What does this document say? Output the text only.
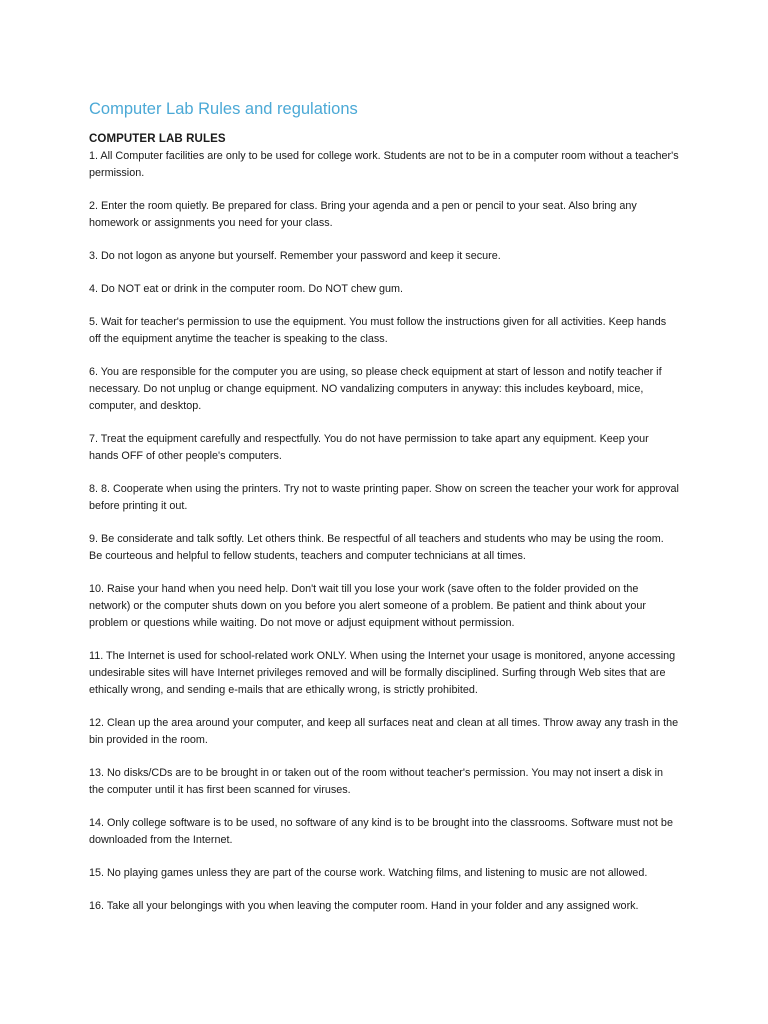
Computer Lab Rules and regulations

COMPUTER LAB RULES

1. All Computer facilities are only to be used for college work. Students are not to be in a computer room without a teacher's permission.

2. Enter the room quietly. Be prepared for class. Bring your agenda and a pen or pencil to your seat. Also bring any homework or assignments you need for your class.

3. Do not logon as anyone but yourself. Remember your password and keep it secure.

4. Do NOT eat or drink in the computer room. Do NOT chew gum.

5. Wait for teacher's permission to use the equipment. You must follow the instructions given for all activities. Keep hands off the equipment anytime the teacher is speaking to the class.

6. You are responsible for the computer you are using, so please check equipment at start of lesson and notify teacher if necessary. Do not unplug or change equipment. NO vandalizing computers in anyway: this includes keyboard, mice, computer, and desktop.

7. Treat the equipment carefully and respectfully. You do not have permission to take apart any equipment. Keep your hands OFF of other people's computers.

8. 8. Cooperate when using the printers. Try not to waste printing paper. Show on screen the teacher your work for approval before printing it out.

9. Be considerate and talk softly. Let others think. Be respectful of all teachers and students who may be using the room. Be courteous and helpful to fellow students, teachers and computer technicians at all times.

10. Raise your hand when you need help. Don't wait till you lose your work (save often to the folder provided on the network) or the computer shuts down on you before you alert someone of a problem. Be patient and think about your problem or questions while waiting. Do not move or adjust equipment without permission.

11. The Internet is used for school-related work ONLY. When using the Internet your usage is monitored, anyone accessing undesirable sites will have Internet privileges removed and will be formally disciplined. Surfing through Web sites that are ethically wrong, and sending e-mails that are ethically wrong, is strictly prohibited.

12. Clean up the area around your computer, and keep all surfaces neat and clean at all times. Throw away any trash in the bin provided in the room.

13. No disks/CDs are to be brought in or taken out of the room without teacher's permission. You may not insert a disk in the computer until it has first been scanned for viruses.

14. Only college software is to be used, no software of any kind is to be brought into the classrooms. Software must not be downloaded from the Internet.

15. No playing games unless they are part of the course work. Watching films, and listening to music are not allowed.

16. Take all your belongings with you when leaving the computer room. Hand in your folder and any assigned work.
